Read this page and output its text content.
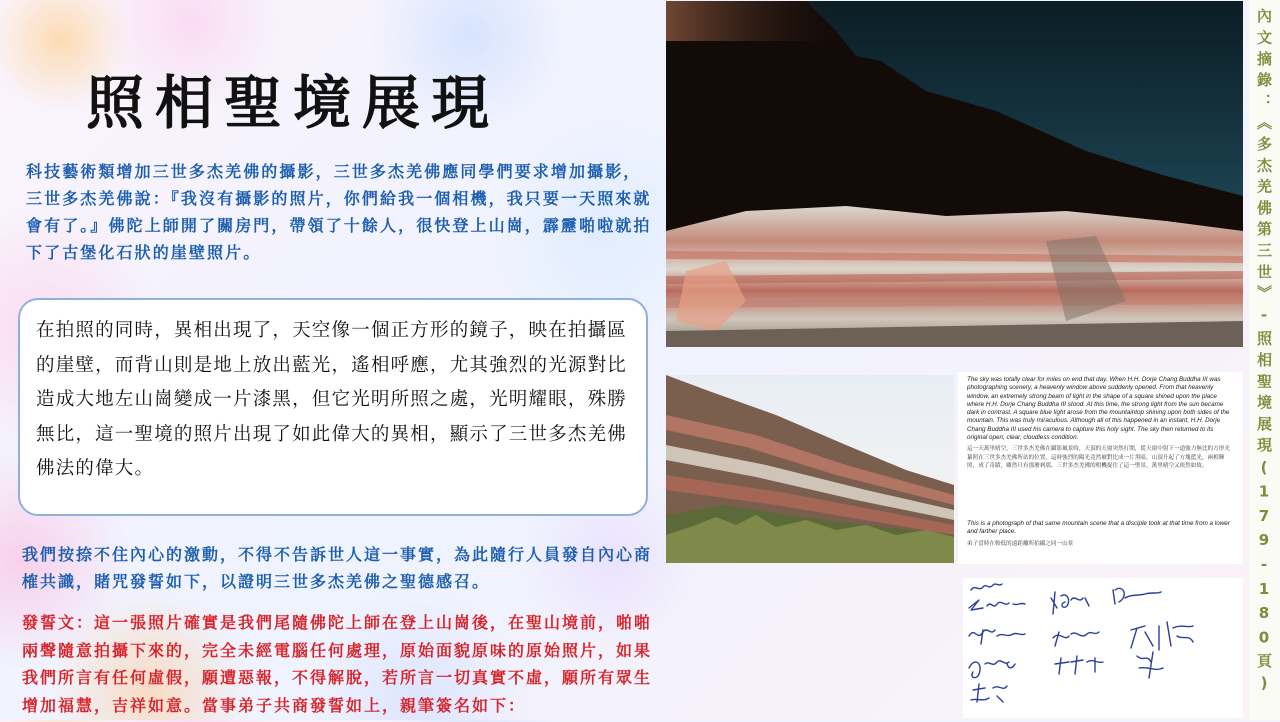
照相聖境展現

科技藝術類增加三世多杰羌佛的攝影，三世多杰羌佛應同學們要求增加攝影，三世多杰羌佛說：『我沒有攝影的照片，你們給我一個相機，我只要一天照來就會有了。』佛陀上師開了關房門，帶領了十餘人，很快登上山崗，霹靂啪啦就拍下了古堡化石狀的崖壁照片。

在拍照的同時，異相出現了，天空像一個正方形的鏡子，映在拍攝區的崖壁，而背山則是地上放出藍光，遙相呼應，尤其強烈的光源對比造成大地左山崗變成一片漆黑，但它光明所照之處，光明耀眼，殊勝無比，這一聖境的照片出現了如此偉大的異相，顯示了三世多杰羌佛佛法的偉大。

我們按捺不住內心的激動，不得不告訴世人這一事實，為此隨行人員發自內心商榷共識，賭咒發誓如下，以證明三世多杰羌佛之聖德感召。

發誓文：這一張照片確實是我們尾隨佛陀上師在登上山崗後，在聖山境前，啪啪兩聲隨意拍攝下來的，完全未經電腦任何處理，原始面貌原味的原始照片，如果我們所言有任何虛假，願遭惡報，不得解脫，若所言一切真實不虛，願所有眾生增加福慧，吉祥如意。當事弟子共商發誓如上，親筆簽名如下：

The sky was totally clear for miles on end that day. When H.H. Dorje Chang Buddha III was photographing scenery, a heavenly window above suddenly opened. From that heavenly window, an extremely strong beam of light in the shape of a square shined upon the place where H.H. Dorje Chang Buddha III stood. At this time, the strong light from the sun became dark in contrast. A square blue light arose from the mountaintop shining upon both sides of the mountain. This was truly miraculous. Although all of this happened in an instant, H.H. Dorje Chang Buddha III used his camera to capture this holy sight. The sky then returned to its original open, clear, cloudless condition.

這一天萬里晴空，三世多杰羌佛在攝影風景時，天頂的天窗突然打開，從天窗中射下一道強力無比的方形光纂照在三世多杰羌佛所站的位置，這時強烈的陽光竟然被對比成一片黑暗，山頂升起了方塊藍光，兩相輝照，成了奇蹟，雖然只有那麼剎那，三世多杰羌佛的相機捉住了這一聖景，萬里晴空又依然如故。

This is a photograph of that same mountain scene that a disciple took at that time from a lower and farther place.

弟子當時在較低的遠距離所拍攝之同一山景	內文摘錄：《多杰羌佛第三世》-照相聖境展現(179-180頁)
